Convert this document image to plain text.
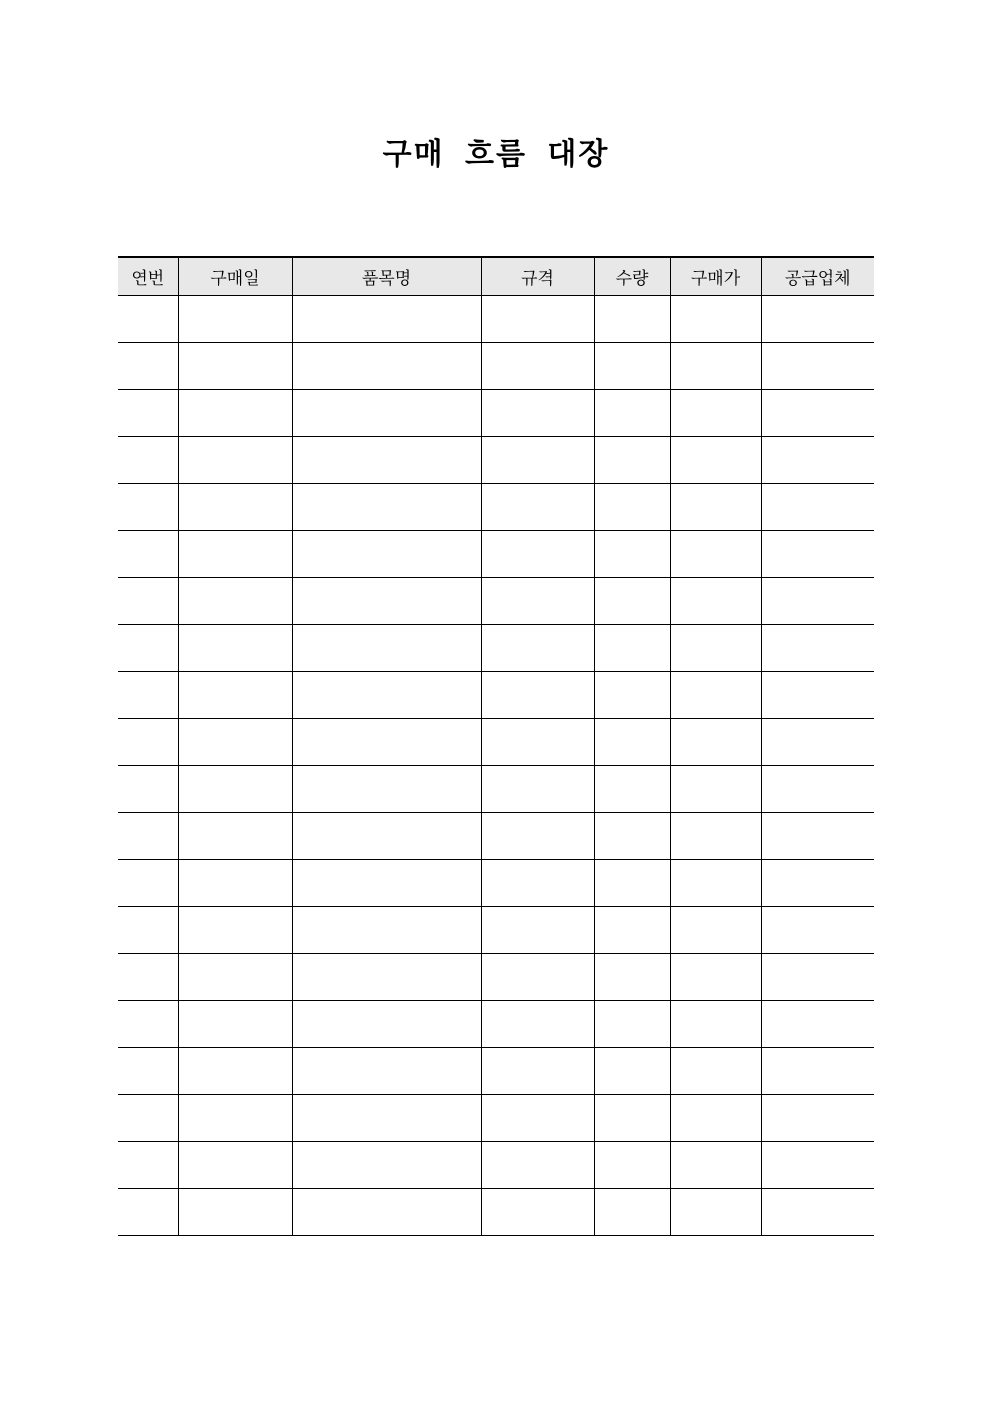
구매 흐름 대장
연번	구매일	품목명	규격	수량	구매가	공급업체
